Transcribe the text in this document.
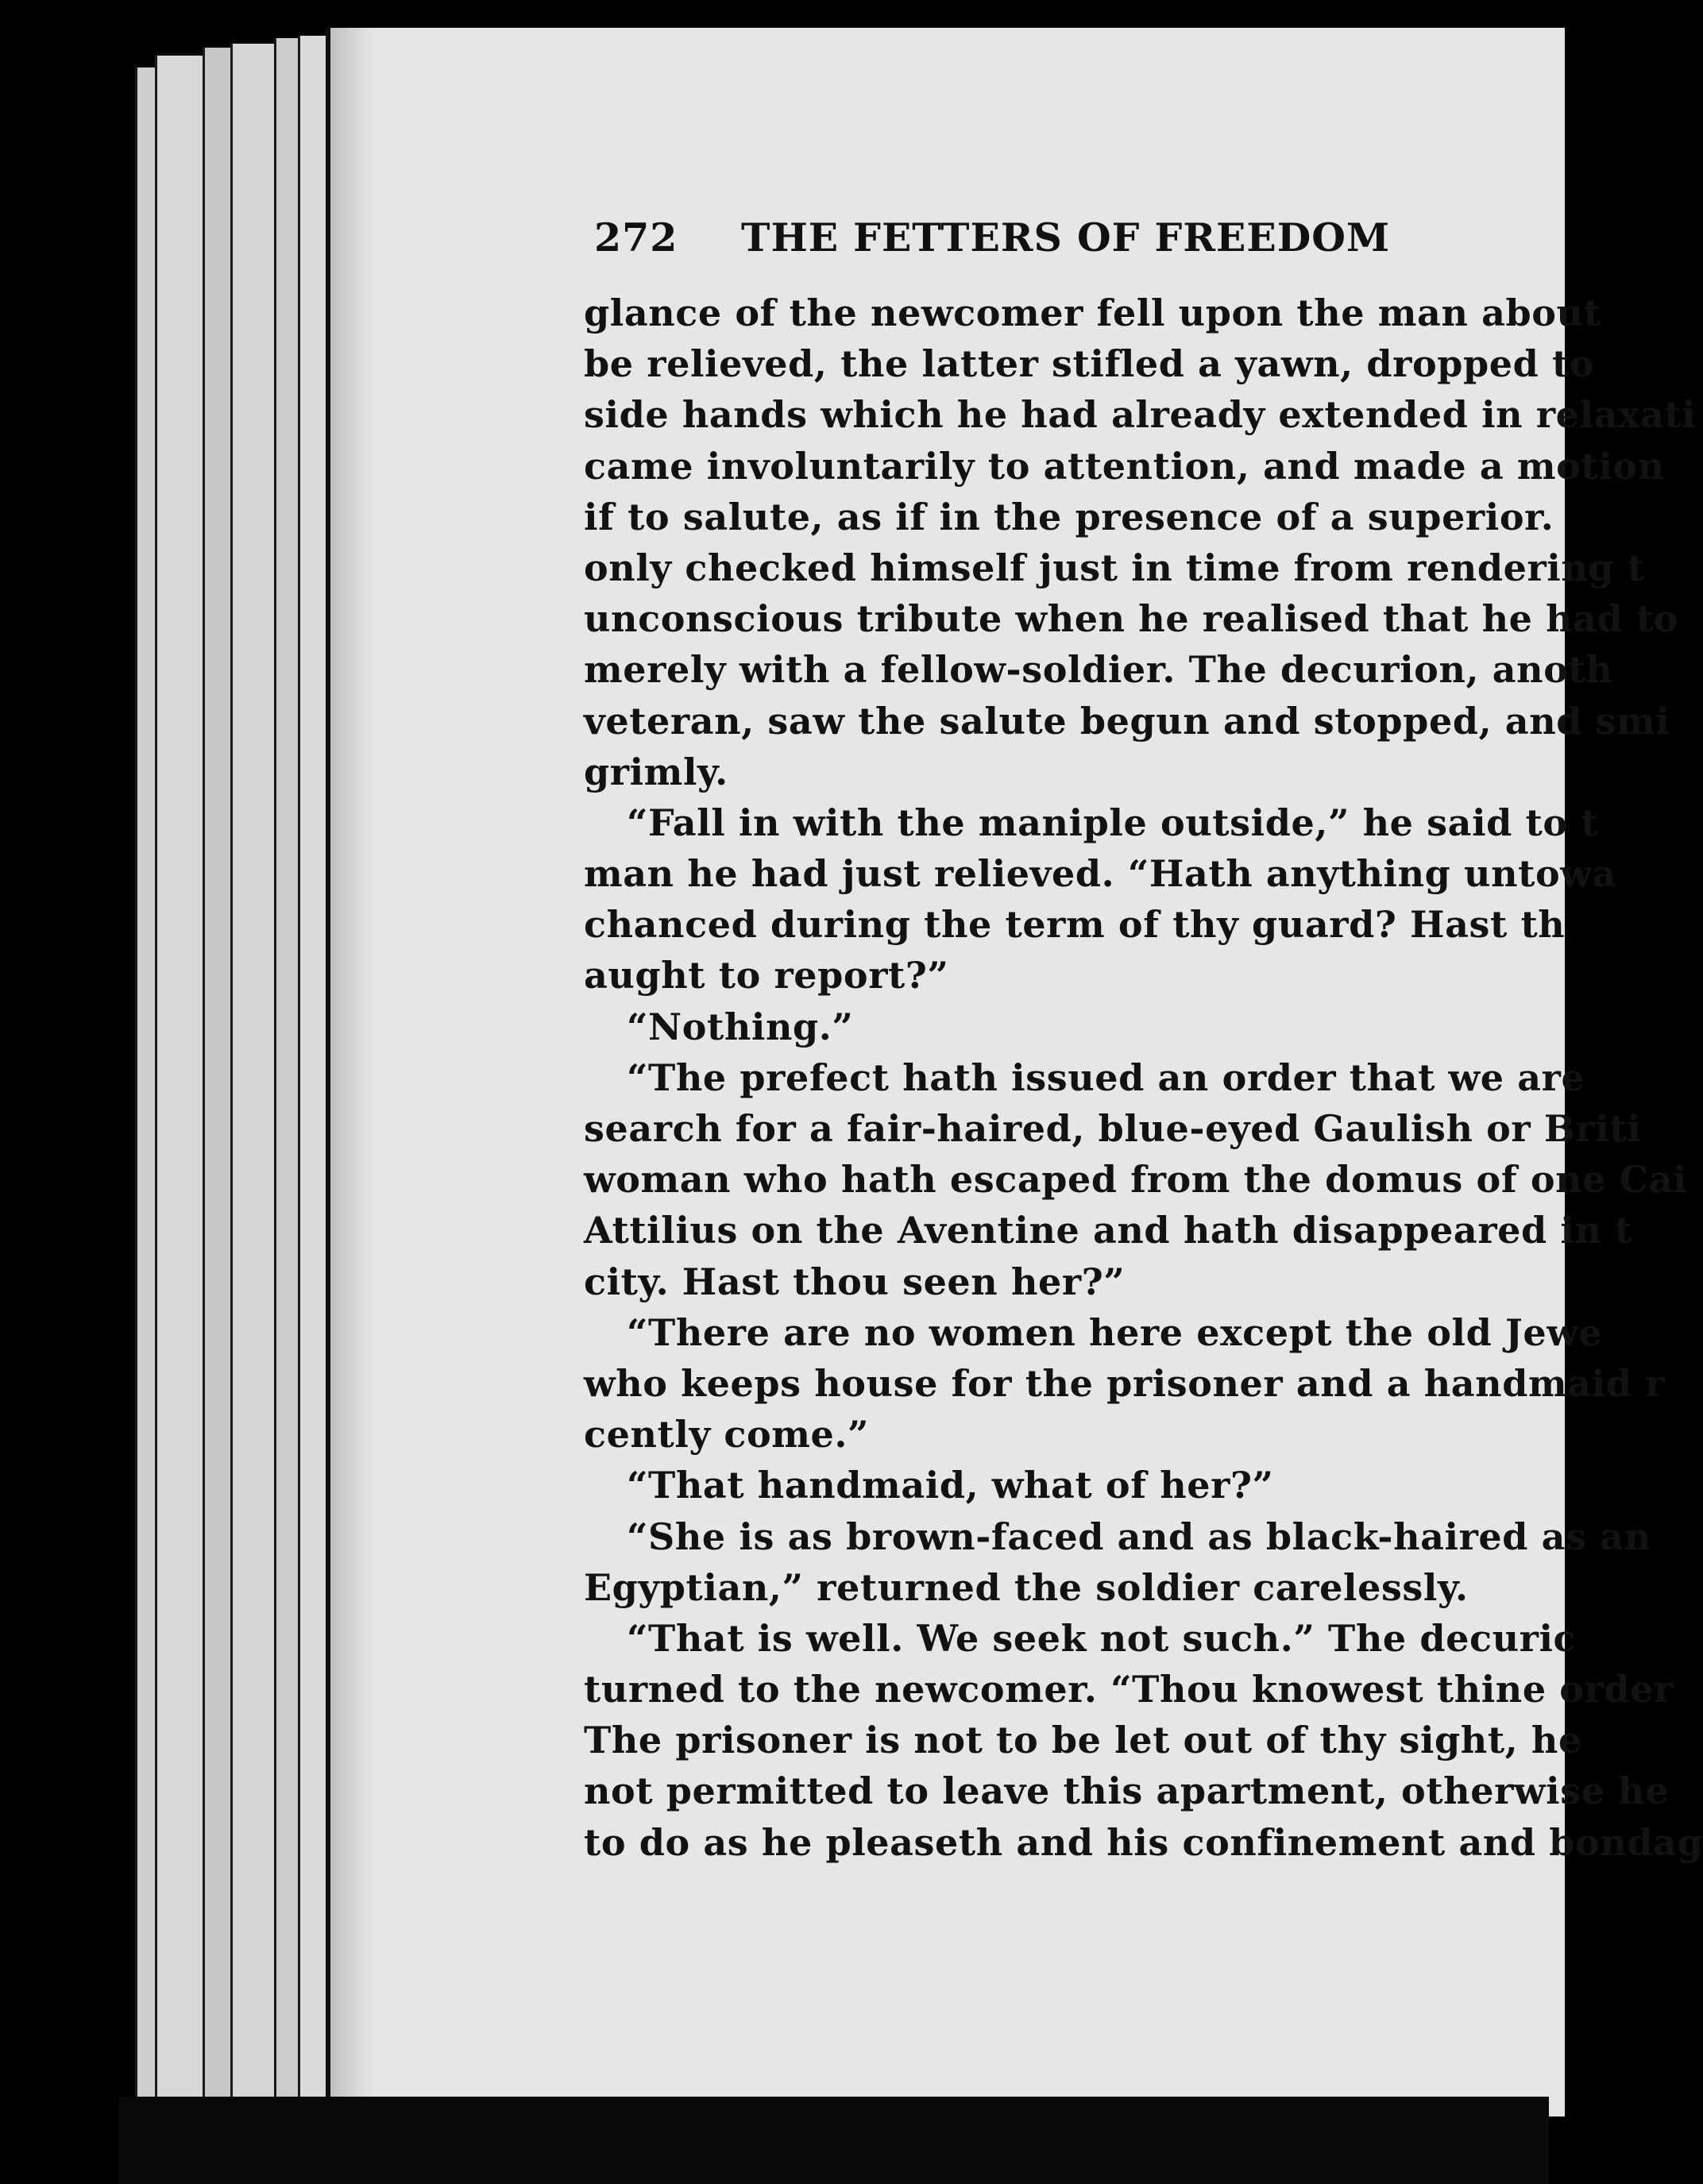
272 THE FETTERS OF FREEDOM
glance of the newcomer fell upon the man about
be relieved, the latter stifled a yawn, dropped to
side hands which he had already extended in relaxati
came involuntarily to attention, and made a motion
if to salute, as if in the presence of a superior.
only checked himself just in time from rendering t
unconscious tribute when he realised that he had to
merely with a fellow-soldier. The decurion, anoth
veteran, saw the salute begun and stopped, and smi
grimly.
“Fall in with the maniple outside,” he said to t
man he had just relieved. “Hath anything untowa
chanced during the term of thy guard? Hast th
aught to report?”
“Nothing.”
“The prefect hath issued an order that we are
search for a fair-haired, blue-eyed Gaulish or Briti
woman who hath escaped from the domus of one Cai
Attilius on the Aventine and hath disappeared in t
city. Hast thou seen her?”
“There are no women here except the old Jewe
who keeps house for the prisoner and a handmaid r
cently come.”
“That handmaid, what of her?”
“She is as brown-faced and as black-haired as an
Egyptian,” returned the soldier carelessly.
“That is well. We seek not such.” The decuric
turned to the newcomer. “Thou knowest thine order
The prisoner is not to be let out of thy sight, he
not permitted to leave this apartment, otherwise he
to do as he pleaseth and his confinement and bondag
